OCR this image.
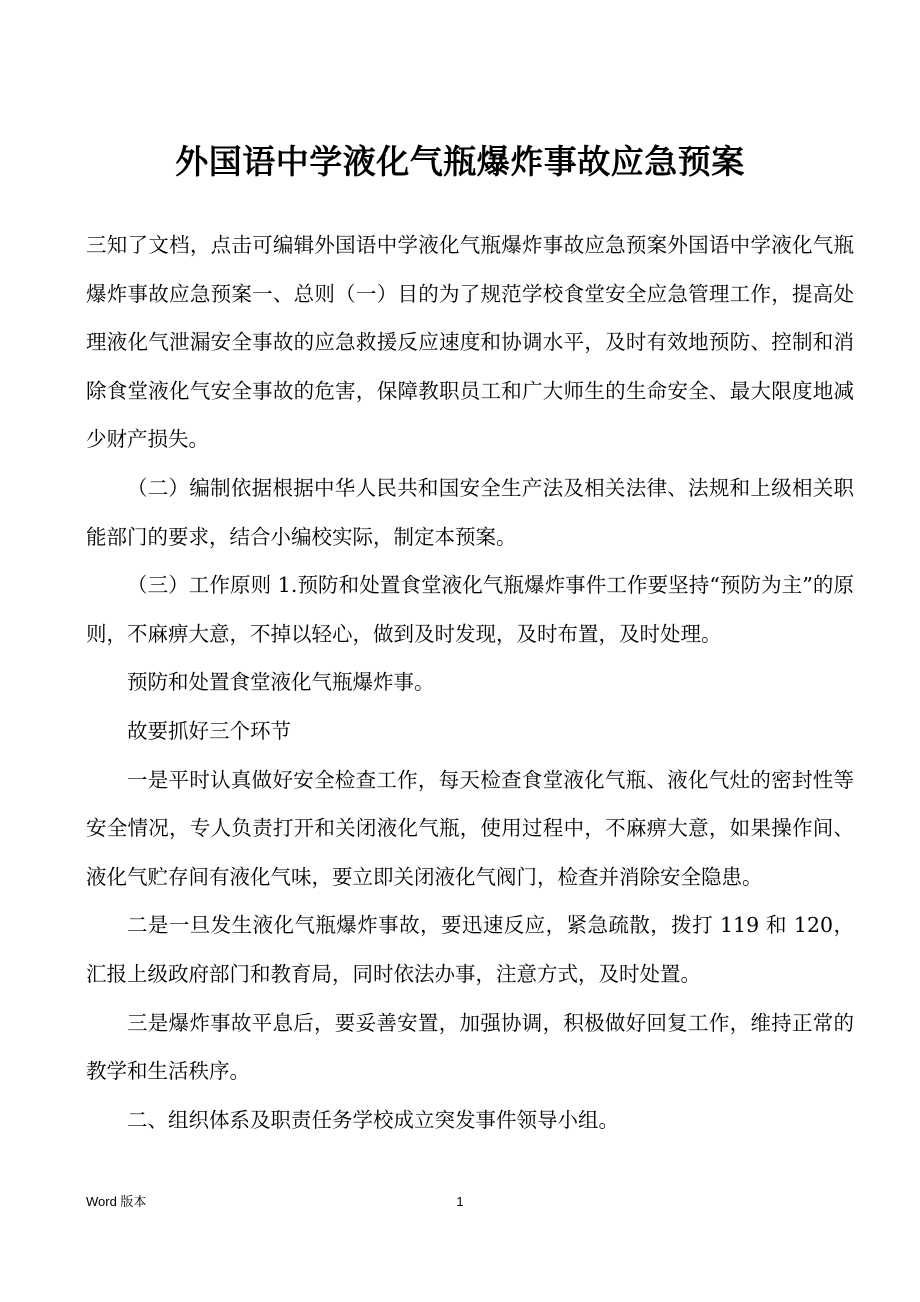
外国语中学液化气瓶爆炸事故应急预案

三知了文档，点击可编辑外国语中学液化气瓶爆炸事故应急预案外国语中学液化气瓶爆炸事故应急预案一、总则（一）目的为了规范学校食堂安全应急管理工作，提高处理液化气泄漏安全事故的应急救援反应速度和协调水平，及时有效地预防、控制和消除食堂液化气安全事故的危害，保障教职员工和广大师生的生命安全、最大限度地减少财产损失。

（二）编制依据根据中华人民共和国安全生产法及相关法律、法规和上级相关职能部门的要求，结合小编校实际，制定本预案。

（三）工作原则 1.预防和处置食堂液化气瓶爆炸事件工作要坚持“预防为主”的原则，不麻痹大意，不掉以轻心，做到及时发现，及时布置，及时处理。

预防和处置食堂液化气瓶爆炸事。

故要抓好三个环节

一是平时认真做好安全检查工作，每天检查食堂液化气瓶、液化气灶的密封性等安全情况，专人负责打开和关闭液化气瓶，使用过程中，不麻痹大意，如果操作间、液化气贮存间有液化气味，要立即关闭液化气阀门，检查并消除安全隐患。

二是一旦发生液化气瓶爆炸事故，要迅速反应，紧急疏散，拨打 119 和 120，汇报上级政府部门和教育局，同时依法办事，注意方式，及时处置。

三是爆炸事故平息后，要妥善安置，加强协调，积极做好回复工作，维持正常的教学和生活秩序。

二、组织体系及职责任务学校成立突发事件领导小组。

Word 版本	1
